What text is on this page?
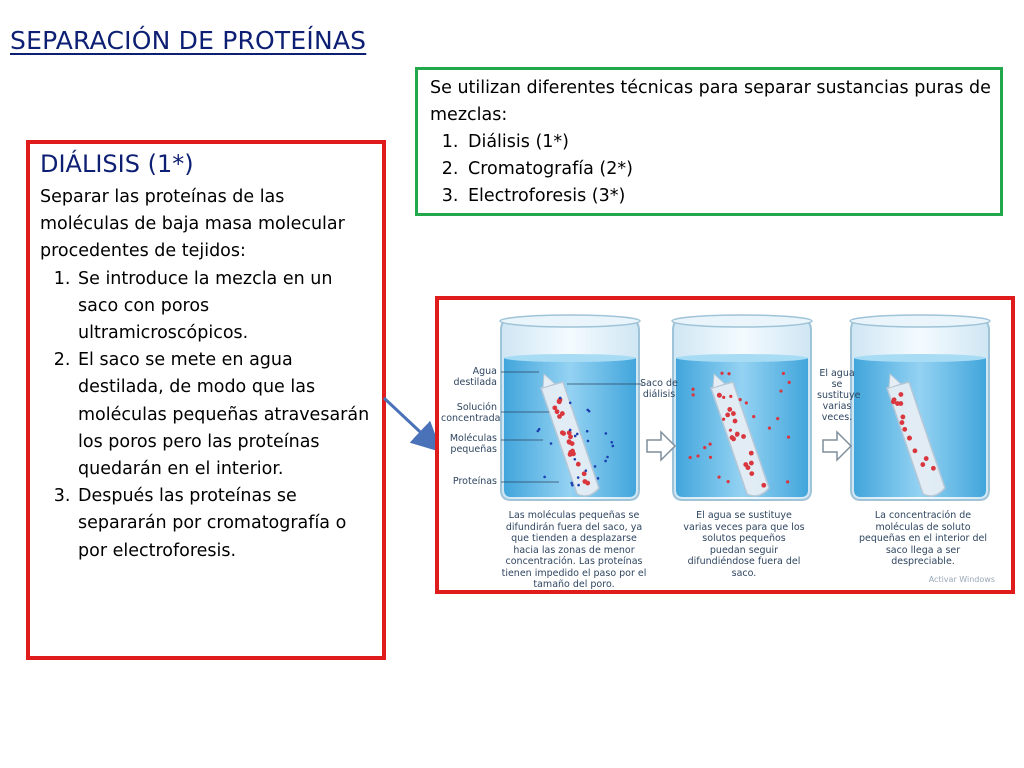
SEPARACIÓN DE PROTEÍNAS
Se utilizan diferentes técnicas para separar sustancias puras de mezclas:
1. Diálisis (1*)
2. Cromatografía (2*)
3. Electroforesis (3*)
DIÁLISIS (1*)
Separar las proteínas de las moléculas de baja masa molecular procedentes de tejidos:
1. Se introduce la mezcla en un saco con poros ultramicroscópicos.
2. El saco se mete en agua destilada, de modo que las moléculas pequeñas atravesarán los poros pero las proteínas quedarán en el interior.
3. Después las proteínas se separarán por cromatografía o por electroforesis.
Agua destilada
Solución concentrada
Moléculas pequeñas
Proteínas
Saco de diálisis
El agua se sustituye varias veces.
Las moléculas pequeñas se difundirán fuera del saco, ya que tienden a desplazarse hacia las zonas de menor concentración. Las proteínas tienen impedido el paso por el tamaño del poro.
El agua se sustituye varias veces para que los solutos pequeños puedan seguir difundiéndose fuera del saco.
La concentración de moléculas de soluto pequeñas en el interior del saco llega a ser despreciable.
Activar Windows
